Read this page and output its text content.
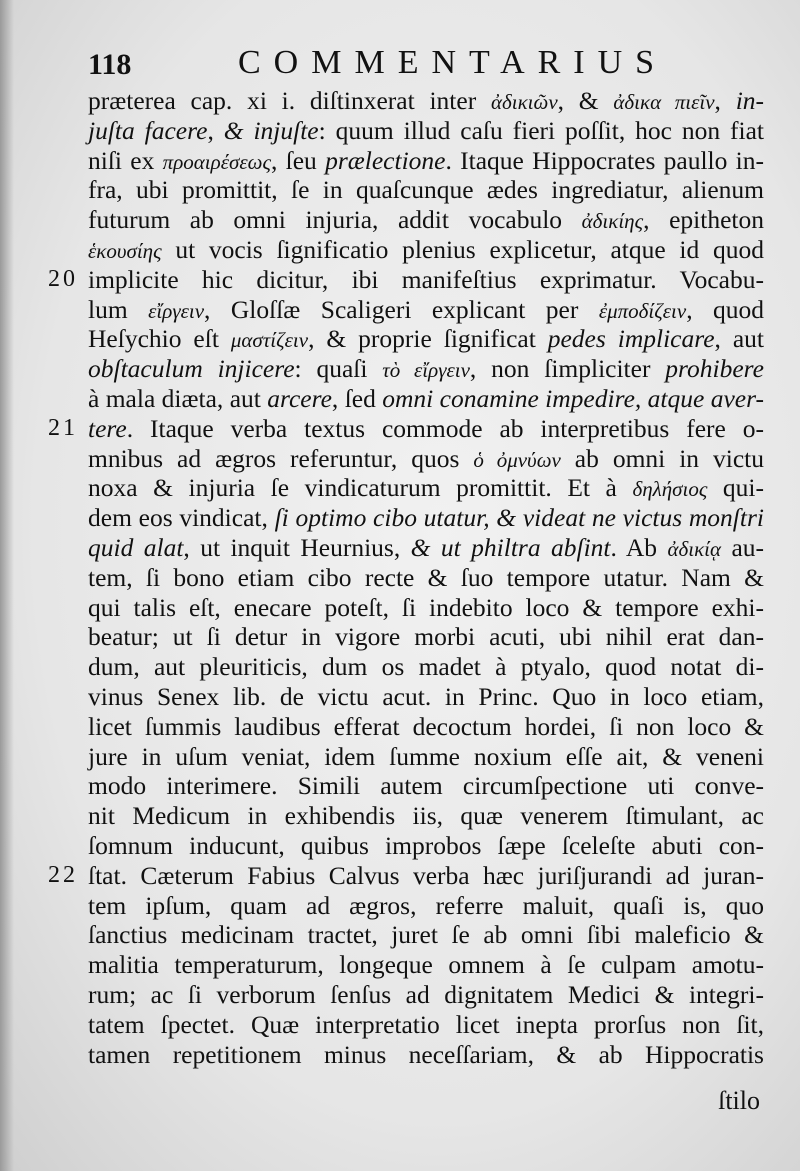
118	COMMENTARIUS
præterea cap. xi i. diſtinxerat inter ἀδικιῶν, & ἀδικα πιεῖν, in-
juſta facere, & injuſte: quum illud caſu fieri poſſit, hoc non fiat
niſi ex προαιρέσεως, ſeu prælectione. Itaque Hippocrates paullo in-
fra, ubi promittit, ſe in quaſcunque ædes ingrediatur, alienum
futurum ab omni injuria, addit vocabulo ἀδικίης, epitheton
ἑκουσίης ut vocis ſignificatio plenius explicetur, atque id quod
20 implicite hic dicitur, ibi manifeſtius exprimatur. Vocabu-
lum εἴργειν, Gloſſæ Scaligeri explicant per ἐμποδίζειν, quod
Heſychio eſt μαστίζειν, & proprie ſignificat pedes implicare, aut
obſtaculum injicere: quaſi τὸ εἴργειν, non ſimpliciter prohibere
à mala diæta, aut arcere, ſed omni conamine impedire, atque aver-
21 tere. Itaque verba textus commode ab interpretibus fere o-
mnibus ad ægros referuntur, quos ὁ ὀμνύων ab omni in victu
noxa & injuria ſe vindicaturum promittit. Et à δηλήσιος qui-
dem eos vindicat, ſi optimo cibo utatur, & videat ne victus monſtri
quid alat, ut inquit Heurnius, & ut philtra abſint. Ab ἀδικίᾳ au-
tem, ſi bono etiam cibo recte & ſuo tempore utatur. Nam &
qui talis eſt, enecare poteſt, ſi indebito loco & tempore exhi-
beatur; ut ſi detur in vigore morbi acuti, ubi nihil erat dan-
dum, aut pleuriticis, dum os madet à ptyalo, quod notat di-
vinus Senex lib. de victu acut. in Princ. Quo in loco etiam,
licet ſummis laudibus efferat decoctum hordei, ſi non loco &
jure in uſum veniat, idem ſumme noxium eſſe ait, & veneni
modo interimere. Simili autem circumſpectione uti conve-
nit Medicum in exhibendis iis, quæ venerem ſtimulant, ac
ſomnum inducunt, quibus improbos ſæpe ſceleſte abuti con-
22 ſtat. Cæterum Fabius Calvus verba hæc juriſjurandi ad juran-
tem ipſum, quam ad ægros, referre maluit, quaſi is, quo
ſanctius medicinam tractet, juret ſe ab omni ſibi maleficio &
malitia temperaturum, longeque omnem à ſe culpam amotu-
rum; ac ſi verborum ſenſus ad dignitatem Medici & integri-
tatem ſpectet. Quæ interpretatio licet inepta prorſus non ſit,
tamen repetitionem minus neceſſariam, & ab Hippocratis
ſtilo
